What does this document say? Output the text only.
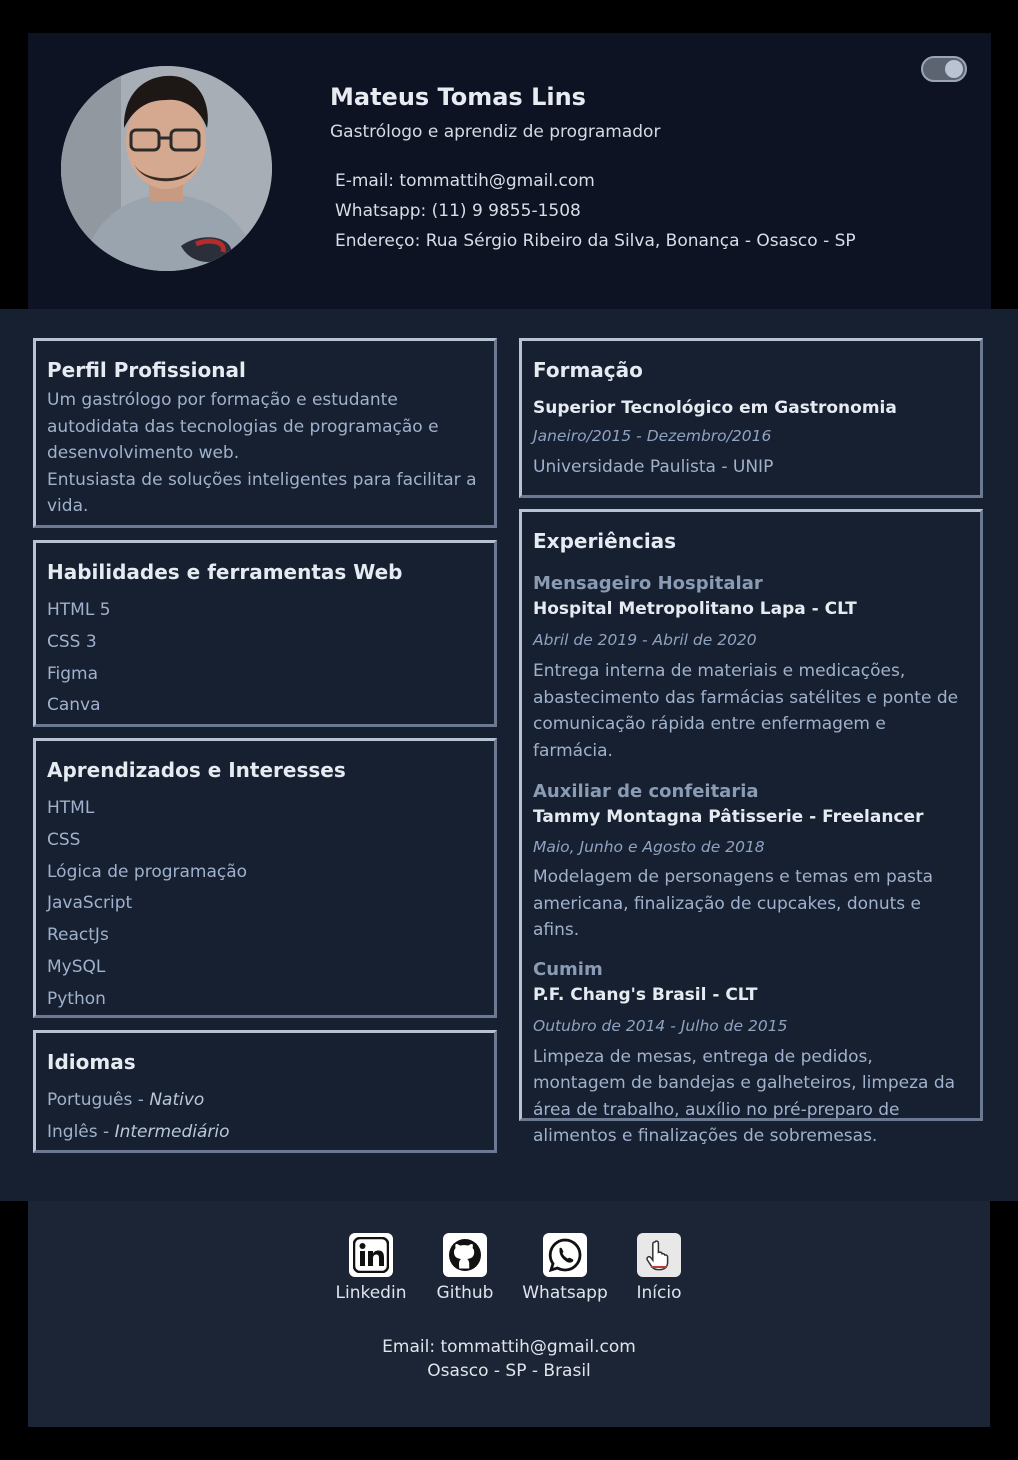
Mateus Tomas Lins
Gastrólogo e aprendiz de programador
E-mail: tommattih@gmail.com
Whatsapp: (11) 9 9855-1508
Endereço: Rua Sérgio Ribeiro da Silva, Bonança - Osasco - SP
Perfil Profissional

Um gastrólogo por formação e estudante autodidata das tecnologias de programação e desenvolvimento web.

Entusiasta de soluções inteligentes para facilitar a vida.

Habilidades e ferramentas Web
HTML 5
CSS 3
Figma
Canva
Aprendizados e Interesses
HTML
CSS
Lógica de programação
JavaScript
ReactJs
MySQL
Python
Idiomas
Português - Nativo
Inglês - Intermediário
Formação
Superior Tecnológico em Gastronomia
Janeiro/2015 - Dezembro/2016
Universidade Paulista - UNIP
Experiências
Mensageiro Hospitalar
Hospital Metropolitano Lapa - CLT
Abril de 2019 - Abril de 2020
Entrega interna de materiais e medicações, abastecimento das farmácias satélites e ponte de comunicação rápida entre enfermagem e farmácia.
Auxiliar de confeitaria
Tammy Montagna Pâtisserie - Freelancer
Maio, Junho e Agosto de 2018
Modelagem de personagens e temas em pasta americana, finalização de cupcakes, donuts e afins.
Cumim
P.F. Chang's Brasil - CLT
Outubro de 2014 - Julho de 2015
Limpeza de mesas, entrega de pedidos, montagem de bandejas e galheteiros, limpeza da área de trabalho, auxílio no pré-preparo de alimentos e finalizações de sobremesas.
Linkedin	Github	Whatsapp	Início
Email: tommattih@gmail.com
Osasco - SP - Brasil
